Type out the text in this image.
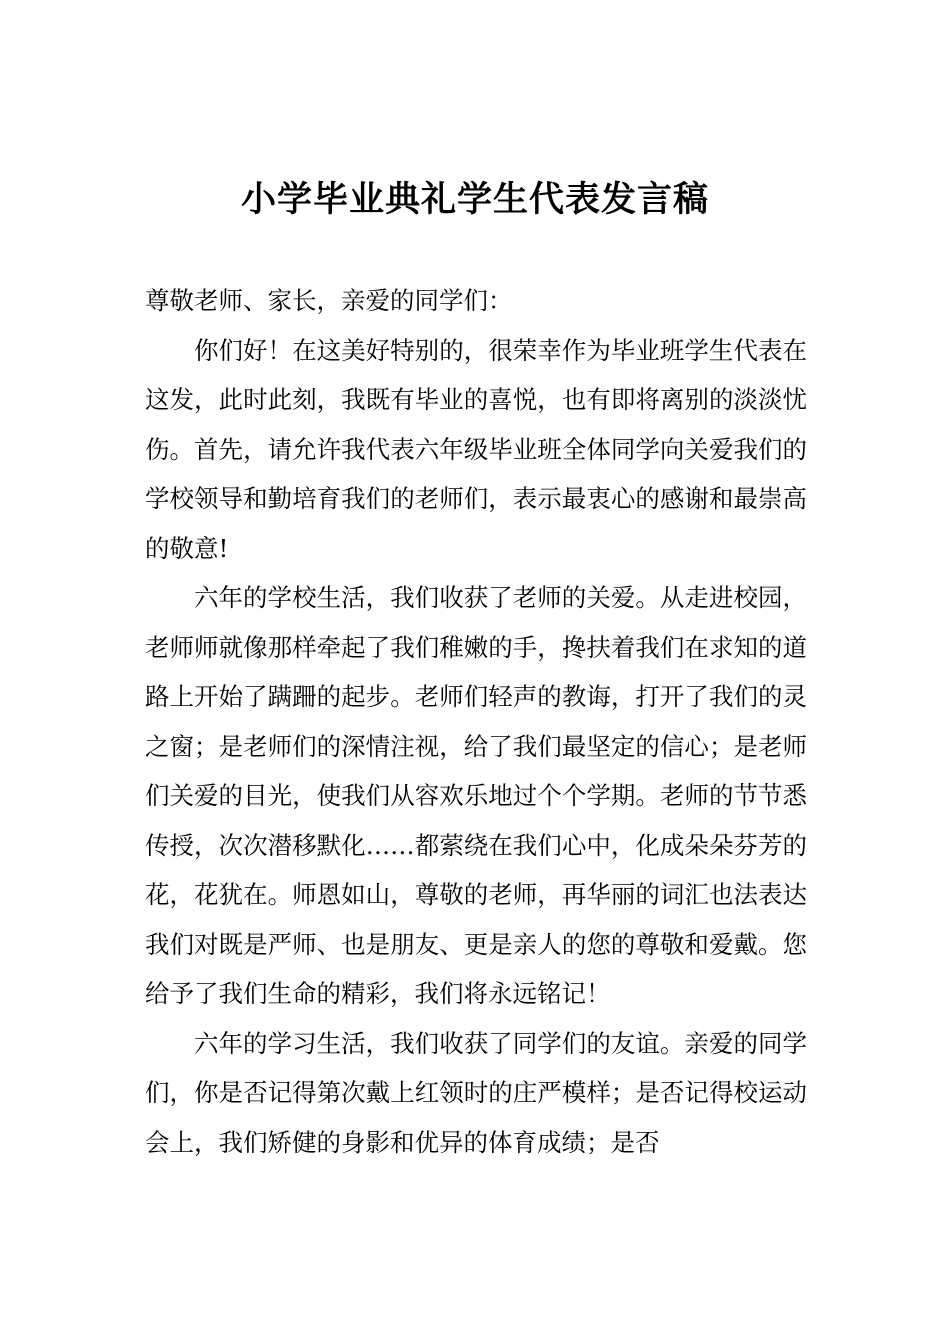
小学毕业典礼学生代表发言稿

尊敬老师、家长，亲爱的同学们：

你们好！在这美好特别的，很荣幸作为毕业班学生代表在这发，此时此刻，我既有毕业的喜悦，也有即将离别的淡淡忧伤。首先，请允许我代表六年级毕业班全体同学向关爱我们的学校领导和勤培育我们的老师们，表示最衷心的感谢和最崇高的敬意!

六年的学校生活，我们收获了老师的关爱。从走进校园，老师师就像那样牵起了我们稚嫩的手，搀扶着我们在求知的道路上开始了蹒跚的起步。老师们轻声的教诲，打开了我们的灵之窗；是老师们的深情注视，给了我们最坚定的信心；是老师们关爱的目光，使我们从容欢乐地过个个学期。老师的节节悉传授，次次潜移默化……都萦绕在我们心中，化成朵朵芬芳的花，花犹在。师恩如山，尊敬的老师，再华丽的词汇也法表达我们对既是严师、也是朋友、更是亲人的您的尊敬和爱戴。您给予了我们生命的精彩，我们将永远铭记！

六年的学习生活，我们收获了同学们的友谊。亲爱的同学们，你是否记得第次戴上红领时的庄严模样；是否记得校运动会上，我们矫健的身影和优异的体育成绩；是否
